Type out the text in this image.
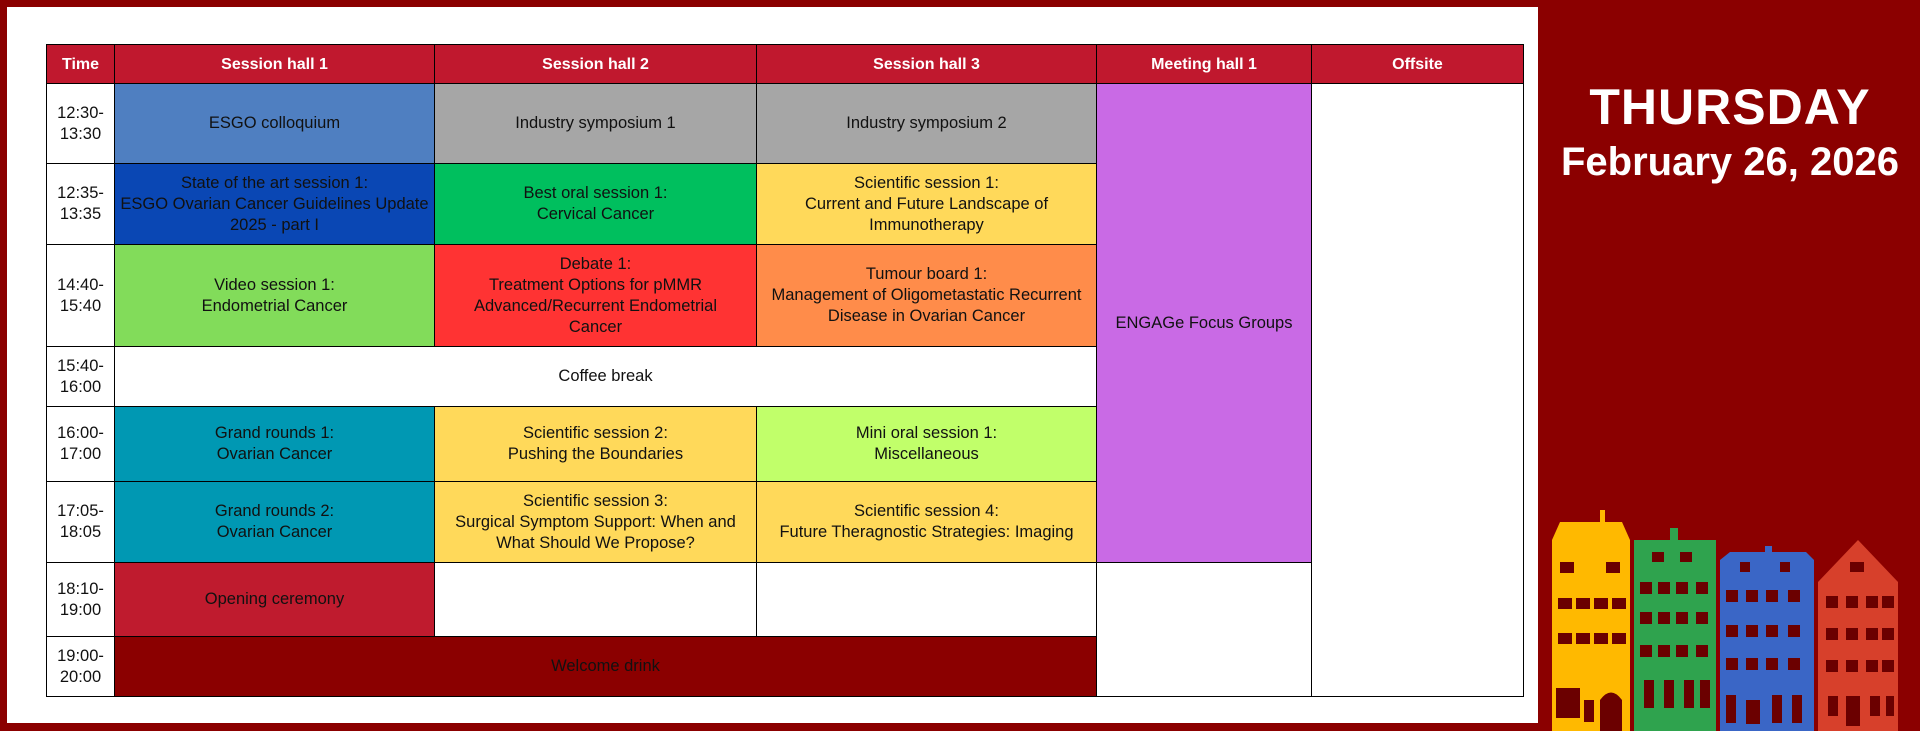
Time	Session hall 1	Session hall 2	Session hall 3	Meeting hall 1	Offsite

12:30-
13:30	ESGO colloquium	Industry symposium 1	Industry symposium 2	ENGAGe Focus Groups	

12:35-
13:35	State of the art session 1:
ESGO Ovarian Cancer Guidelines Update
2025 - part I	Best oral session 1:
Cervical Cancer	Scientific session 1:
Current and Future Landscape of
Immunotherapy		

14:40-
15:40	Video session 1:
Endometrial Cancer	Debate 1:
Treatment Options for pMMR
Advanced/Recurrent Endometrial
Cancer	Tumour board 1:
Management of Oligometastatic Recurrent
Disease in Ovarian Cancer		

15:40-
16:00	Coffee break				

16:00-
17:00	Grand rounds 1:
Ovarian Cancer	Scientific session 2:
Pushing the Boundaries	Mini oral session 1:
Miscellaneous		

17:05-
18:05	Grand rounds 2:
Ovarian Cancer	Scientific session 3:
Surgical Symptom Support: When and
What Should We Propose?	Scientific session 4:
Future Theragnostic Strategies: Imaging		

18:10-
19:00	Opening ceremony				

19:00-
20:00	Welcome drink				
THURSDAY
February 26, 2026
